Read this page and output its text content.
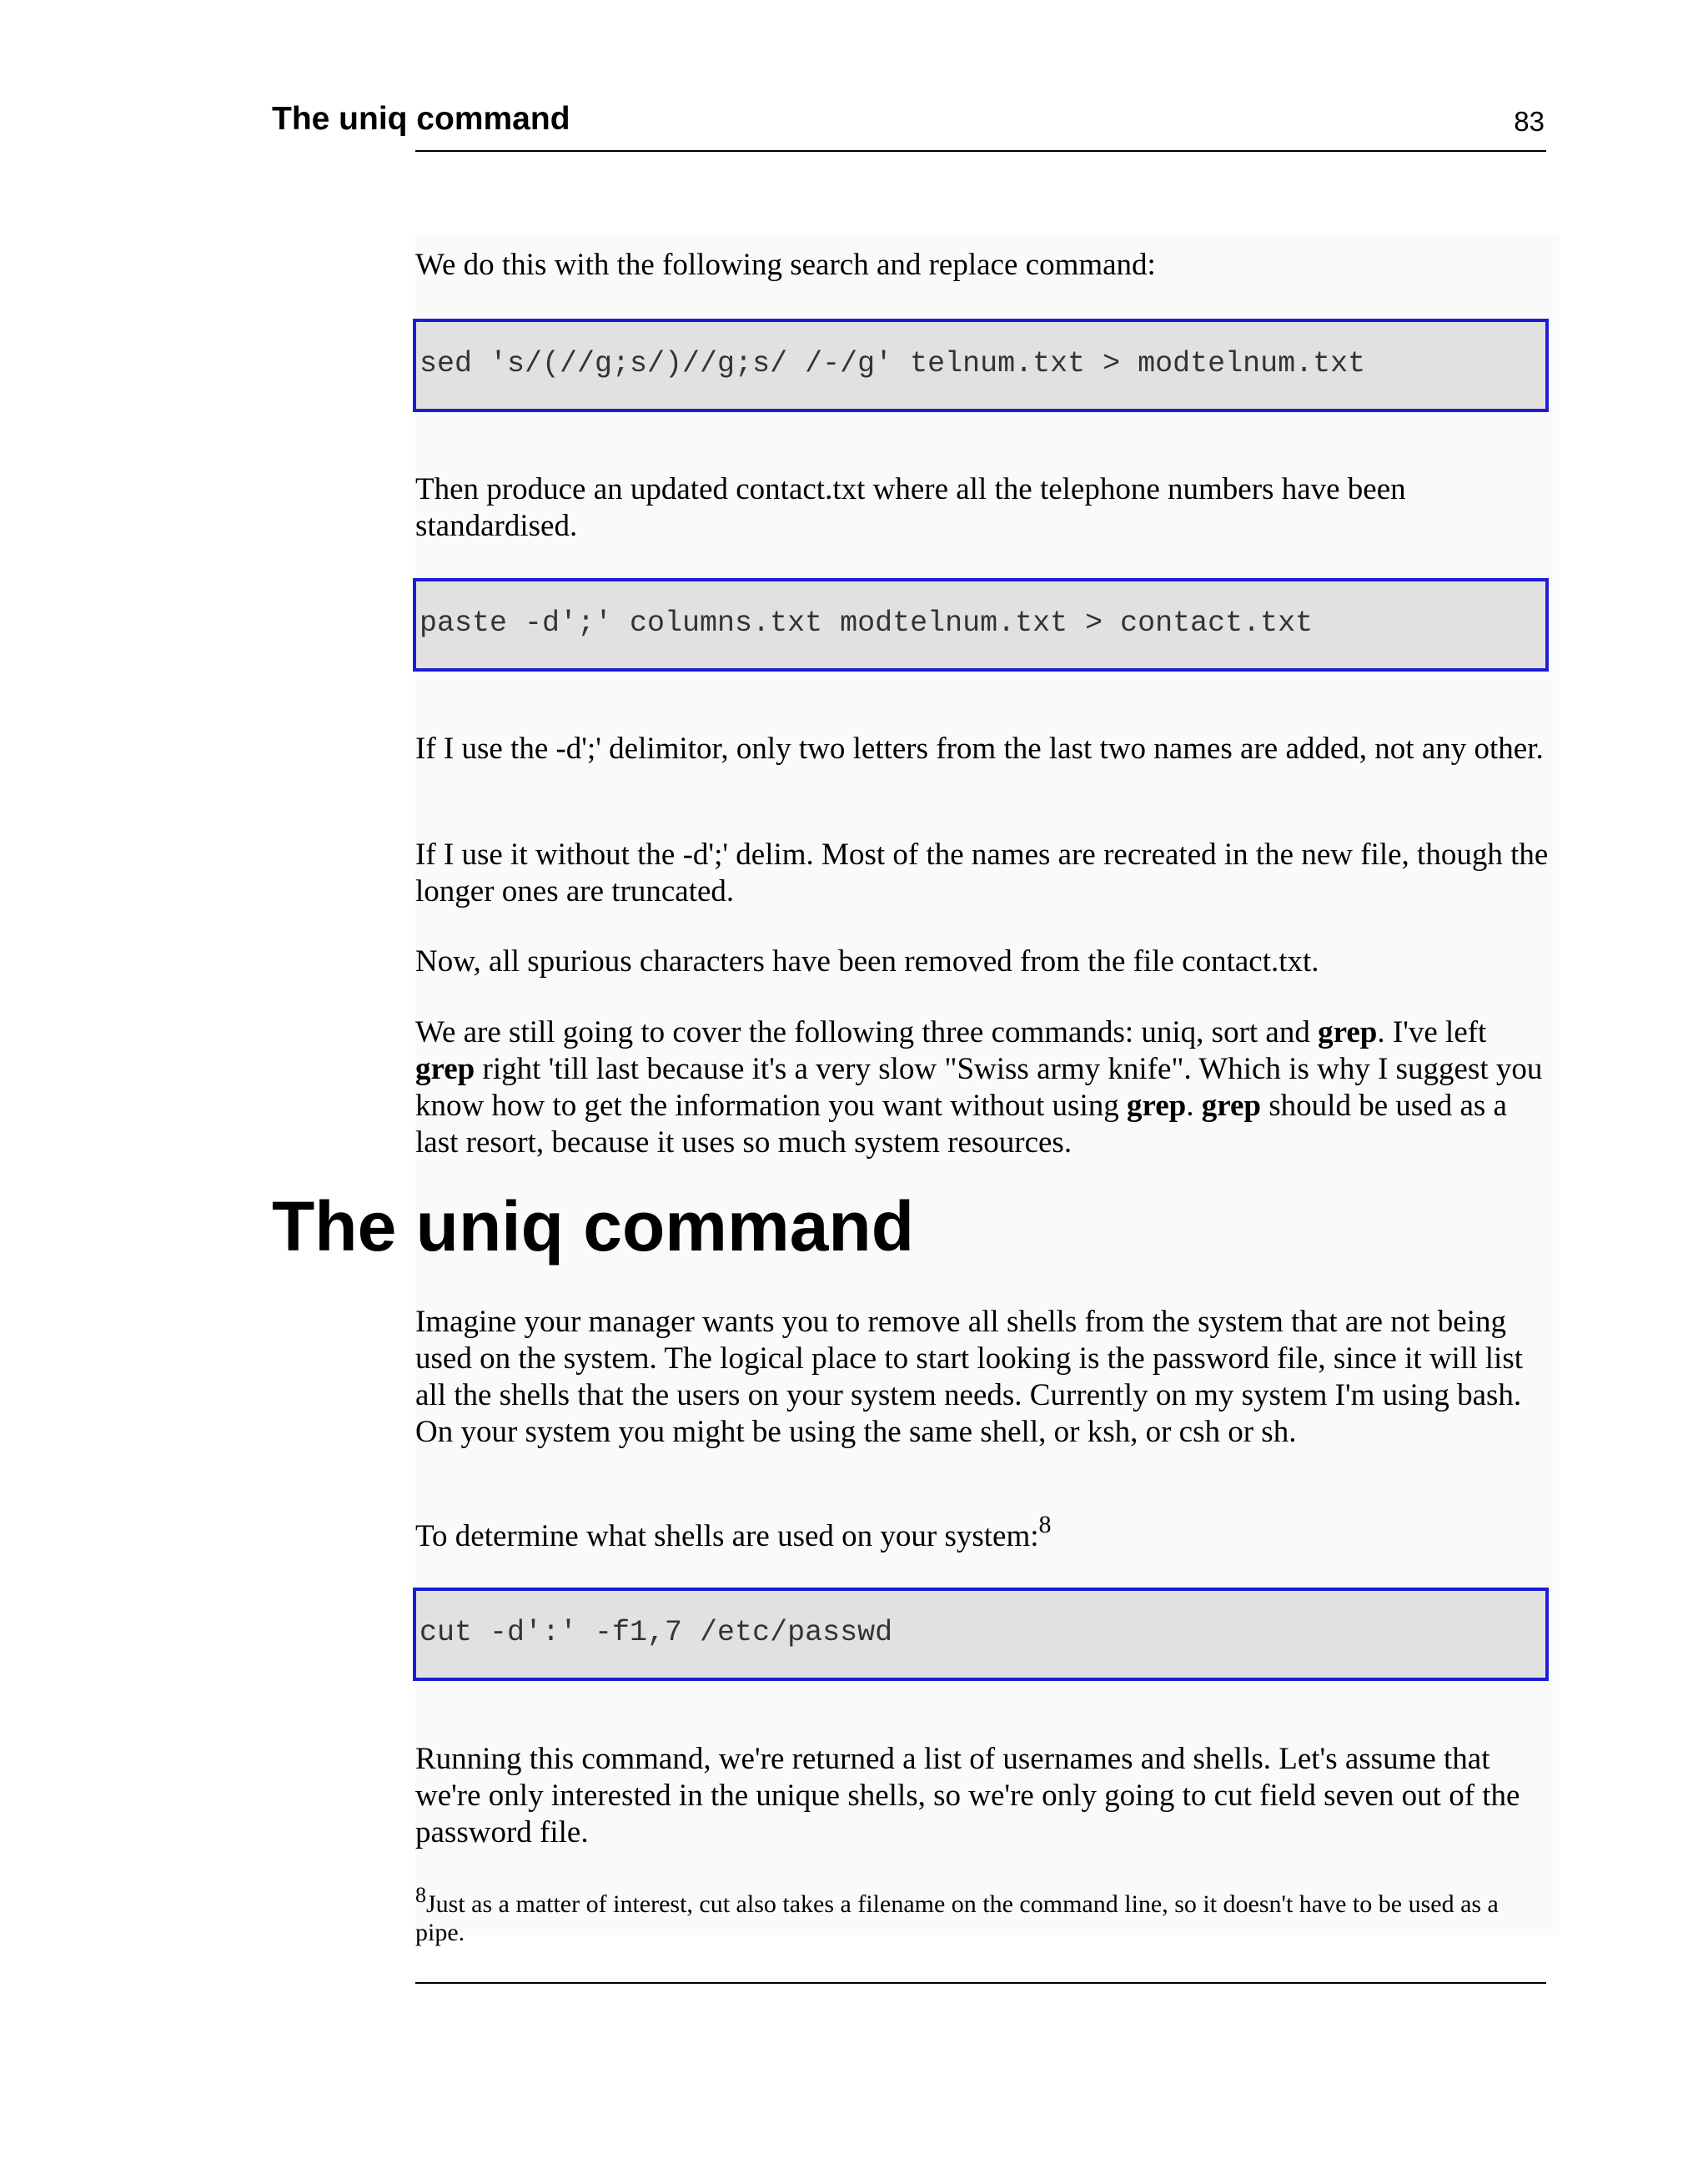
The uniq command	83

We do this with the following search and replace command:

sed 's/(//g;s/)//g;s/ /-/g' telnum.txt > modtelnum.txt

Then produce an updated contact.txt where all the telephone numbers have been standardised.

paste -d';' columns.txt modtelnum.txt > contact.txt

If I use the -d';' delimitor, only two letters from the last two names are added, not any other.

If I use it without the -d';' delim. Most of the names are recreated in the new file, though the longer ones are truncated.

Now, all spurious characters have been removed from the file contact.txt.

We are still going to cover the following three commands: uniq, sort and grep. I've left grep right 'till last because it's a very slow "Swiss army knife". Which is why I suggest you know how to get the information you want without using grep. grep should be used as a last resort, because it uses so much system resources.

The uniq command

Imagine your manager wants you to remove all shells from the system that are not being used on the system. The logical place to start looking is the password file, since it will list all the shells that the users on your system needs. Currently on my system I'm using bash. On your system you might be using the same shell, or ksh, or csh or sh.

To determine what shells are used on your system:$^8$

cut -d':' -f1,7 /etc/passwd

Running this command, we're returned a list of usernames and shells. Let's assume that we're only interested in the unique shells, so we're only going to cut field seven out of the password file.

$^8$Just as a matter of interest, cut also takes a filename on the command line, so it doesn't have to be used as a pipe.
